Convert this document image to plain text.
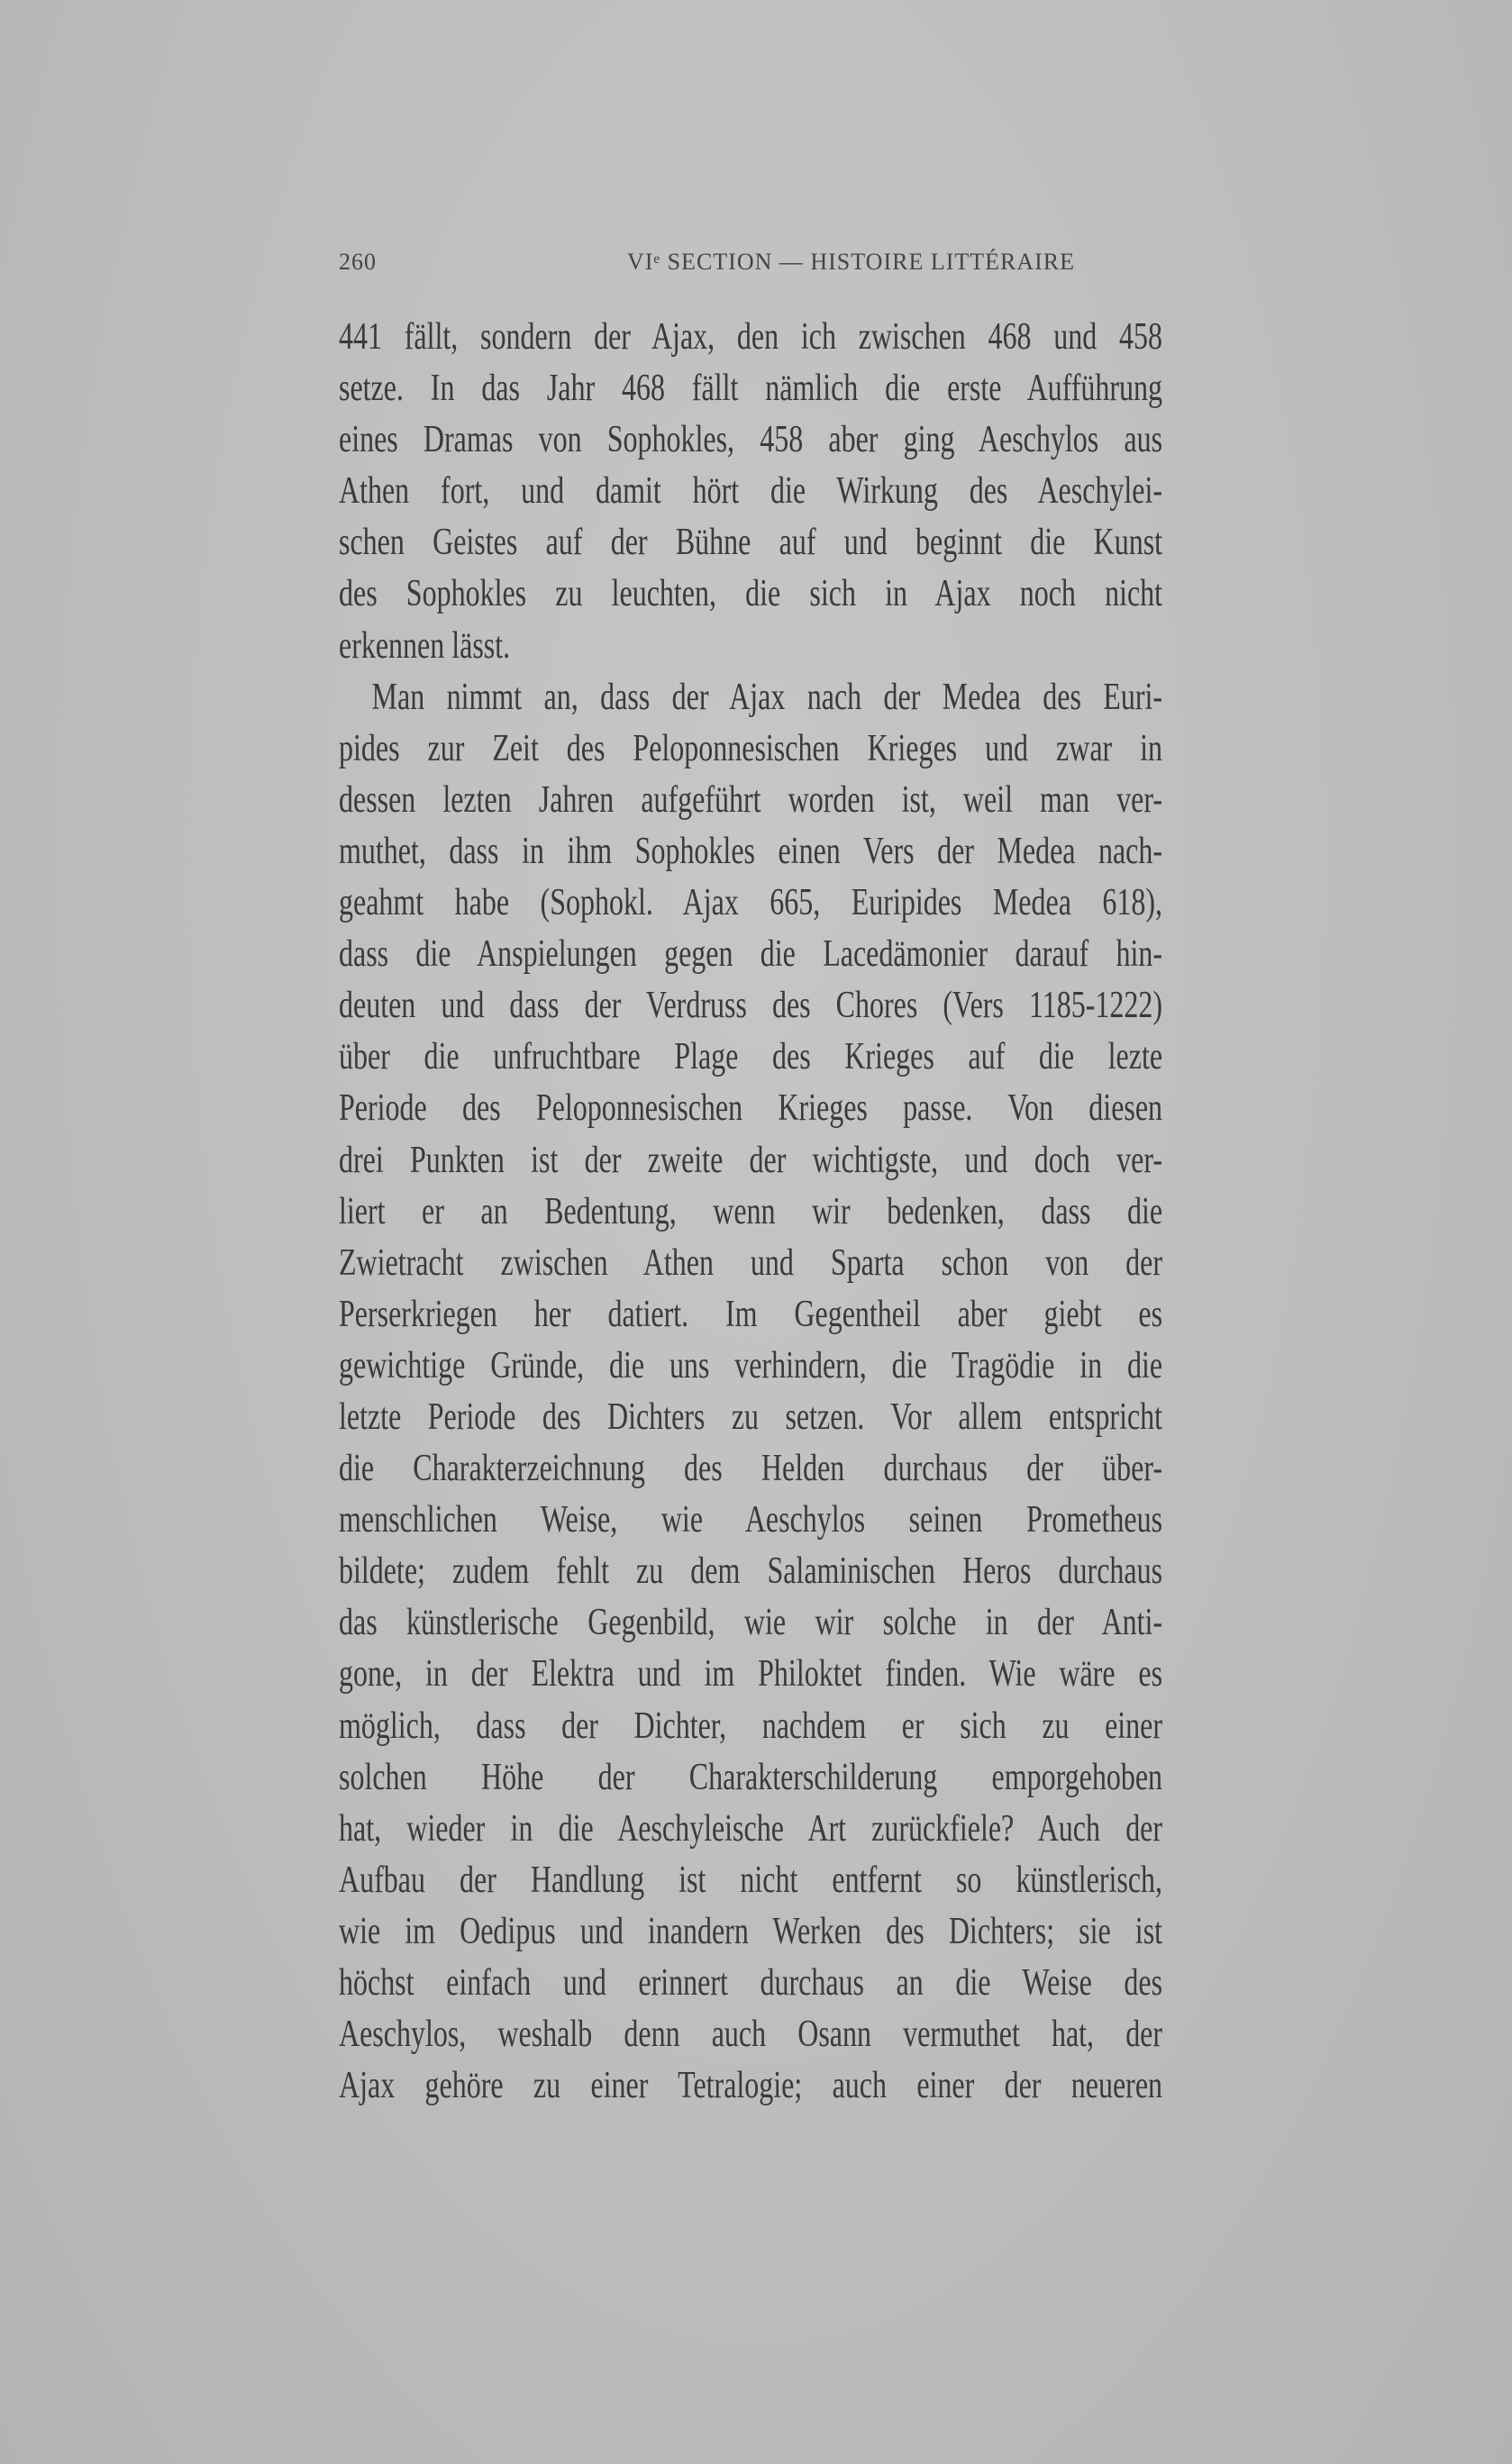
260	VIᵉ SECTION — HISTOIRE LITTÉRAIRE
441 fällt, sondern der Ajax, den ich zwischen 468 und 458
setze. In das Jahr 468 fällt nämlich die erste Aufführung
eines Dramas von Sophokles, 458 aber ging Aeschylos aus
Athen fort, und damit hört die Wirkung des Aeschylei-
schen Geistes auf der Bühne auf und beginnt die Kunst
des Sophokles zu leuchten, die sich in Ajax noch nicht
erkennen lässt.
Man nimmt an, dass der Ajax nach der Medea des Euri-
pides zur Zeit des Peloponnesischen Krieges und zwar in
dessen lezten Jahren aufgeführt worden ist, weil man ver-
muthet, dass in ihm Sophokles einen Vers der Medea nach-
geahmt habe (Sophokl. Ajax 665, Euripides Medea 618),
dass die Anspielungen gegen die Lacedämonier darauf hin-
deuten und dass der Verdruss des Chores (Vers 1185-1222)
über die unfruchtbare Plage des Krieges auf die lezte
Periode des Peloponnesischen Krieges passe. Von diesen
drei Punkten ist der zweite der wichtigste, und doch ver-
liert er an Bedentung, wenn wir bedenken, dass die
Zwietracht zwischen Athen und Sparta schon von der
Perserkriegen her datiert. Im Gegentheil aber giebt es
gewichtige Gründe, die uns verhindern, die Tragödie in die
letzte Periode des Dichters zu setzen. Vor allem entspricht
die Charakterzeichnung des Helden durchaus der über-
menschlichen Weise, wie Aeschylos seinen Prometheus
bildete; zudem fehlt zu dem Salaminischen Heros durchaus
das künstlerische Gegenbild, wie wir solche in der Anti-
gone, in der Elektra und im Philoktet finden. Wie wäre es
möglich, dass der Dichter, nachdem er sich zu einer
solchen Höhe der Charakterschilderung emporgehoben
hat, wieder in die Aeschyleische Art zurückfiele? Auch der
Aufbau der Handlung ist nicht entfernt so künstlerisch,
wie im Oedipus und inandern Werken des Dichters; sie ist
höchst einfach und erinnert durchaus an die Weise des
Aeschylos, weshalb denn auch Osann vermuthet hat, der
Ajax gehöre zu einer Tetralogie; auch einer der neueren
